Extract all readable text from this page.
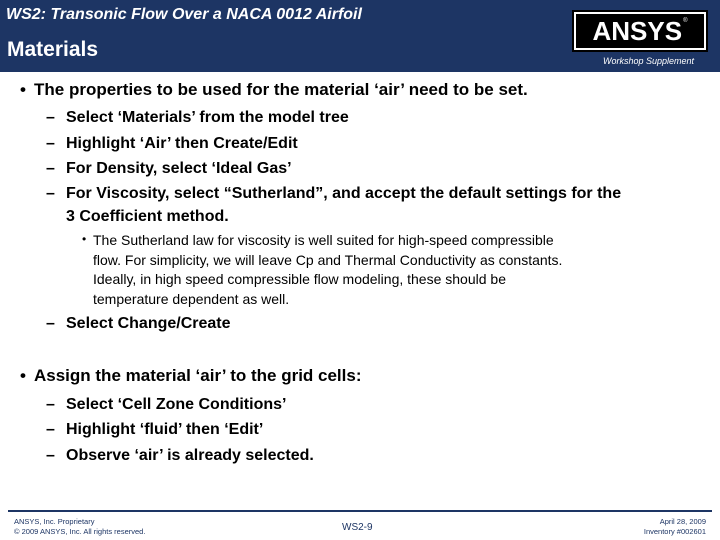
WS2: Transonic Flow Over a NACA 0012 Airfoil
Materials
ANSYS ®
Workshop Supplement
• The properties to be used for the material ‘air’ need to be set.
– Select ‘Materials’ from the model tree
– Highlight ‘Air’ then Create/Edit
– For Density, select ‘Ideal Gas’
– For Viscosity, select “Sutherland”, and accept the default settings for the
3 Coefficient method.
• The Sutherland law for viscosity is well suited for high-speed compressible
flow. For simplicity, we will leave Cp and Thermal Conductivity as constants.
Ideally, in high speed compressible flow modeling, these should be
temperature dependent as well.
– Select Change/Create
• Assign the material ‘air’ to the grid cells:
– Select ‘Cell Zone Conditions’
– Highlight ‘fluid’ then ‘Edit’
– Observe ‘air’ is already selected.
ANSYS, Inc. Proprietary
© 2009 ANSYS, Inc. All rights reserved.	WS2-9
April 28, 2009
Inventory #002601
